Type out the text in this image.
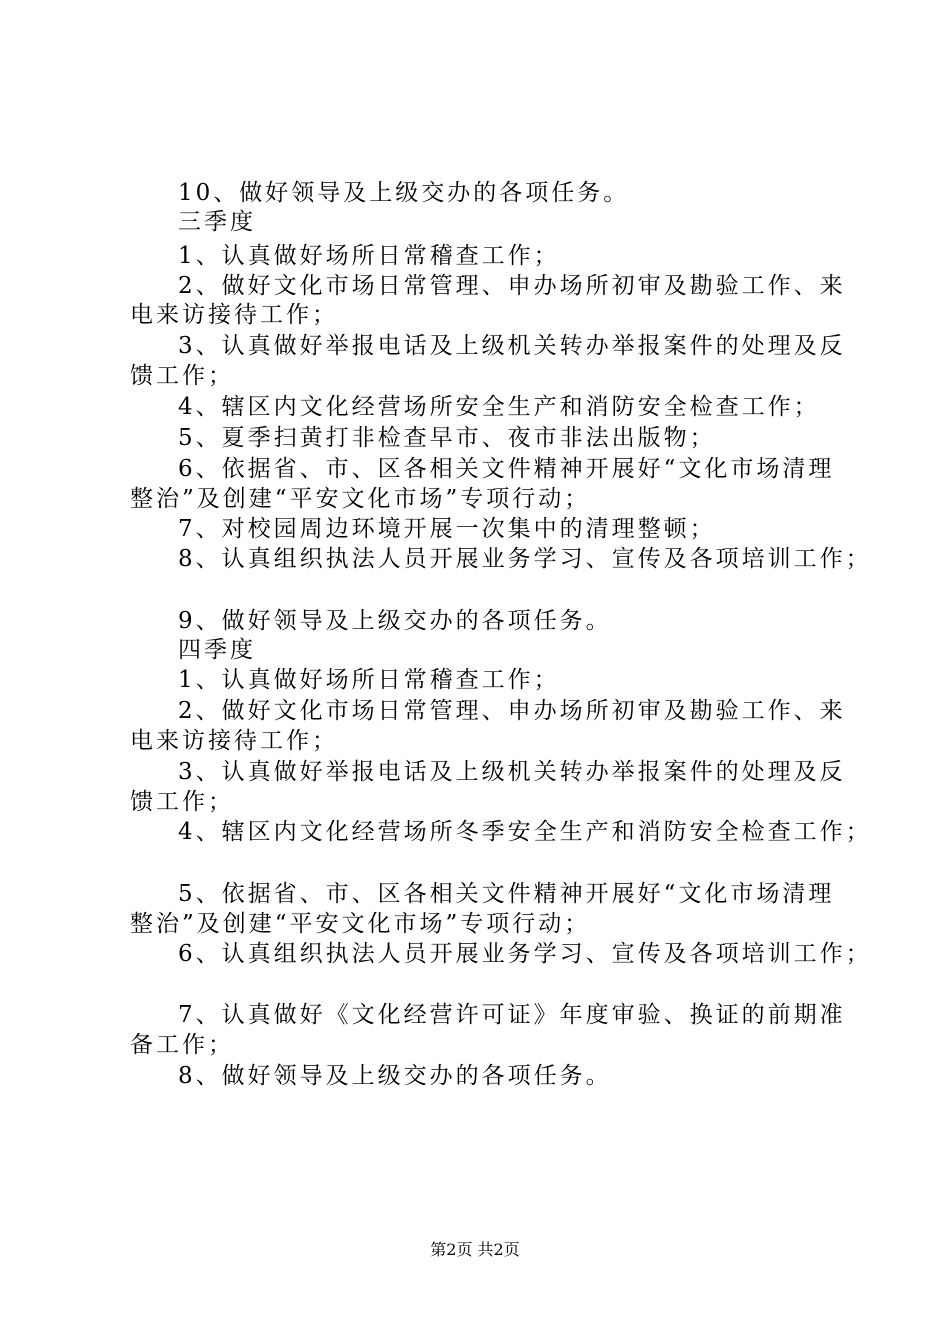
10、做好领导及上级交办的各项任务。
三季度
1、认真做好场所日常稽查工作；
2、做好文化市场日常管理、申办场所初审及勘验工作、来
电来访接待工作；
3、认真做好举报电话及上级机关转办举报案件的处理及反
馈工作；
4、辖区内文化经营场所安全生产和消防安全检查工作；
5、夏季扫黄打非检查早市、夜市非法出版物；
6、依据省、市、区各相关文件精神开展好“文化市场清理
整治”及创建“平安文化市场”专项行动；
7、对校园周边环境开展一次集中的清理整顿；
8、认真组织执法人员开展业务学习、宣传及各项培训工作；
9、做好领导及上级交办的各项任务。
四季度
1、认真做好场所日常稽查工作；
2、做好文化市场日常管理、申办场所初审及勘验工作、来
电来访接待工作；
3、认真做好举报电话及上级机关转办举报案件的处理及反
馈工作；
4、辖区内文化经营场所冬季安全生产和消防安全检查工作；
5、依据省、市、区各相关文件精神开展好“文化市场清理
整治”及创建“平安文化市场”专项行动；
6、认真组织执法人员开展业务学习、宣传及各项培训工作；
7、认真做好《文化经营许可证》年度审验、换证的前期准
备工作；
8、做好领导及上级交办的各项任务。
第2页 共2页
